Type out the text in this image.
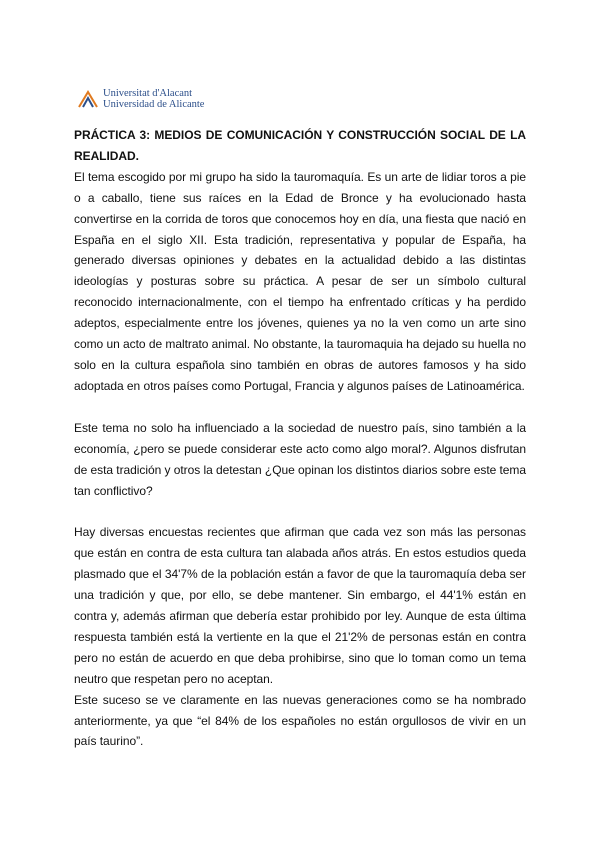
Universitat d'Alacant
Universidad de Alicante

PRÁCTICA 3: MEDIOS DE COMUNICACIÓN Y CONSTRUCCIÓN SOCIAL DE LA REALIDAD.

El tema escogido por mi grupo ha sido la tauromaquía. Es un arte de lidiar toros a pie o a caballo, tiene sus raíces en la Edad de Bronce y ha evolucionado hasta convertirse en la corrida de toros que conocemos hoy en día, una fiesta que nació en España en el siglo XII. Esta tradición, representativa y popular de España, ha generado diversas opiniones y debates en la actualidad debido a las distintas ideologías y posturas sobre su práctica. A pesar de ser un símbolo cultural reconocido internacionalmente, con el tiempo ha enfrentado críticas y ha perdido adeptos, especialmente entre los jóvenes, quienes ya no la ven como un arte sino como un acto de maltrato animal. No obstante, la tauromaquia ha dejado su huella no solo en la cultura española sino también en obras de autores famosos y ha sido adoptada en otros países como Portugal, Francia y algunos países de Latinoamérica.

Este tema no solo ha influenciado a la sociedad de nuestro país, sino también a la economía, ¿pero se puede considerar este acto como algo moral?. Algunos disfrutan de esta tradición y otros la detestan ¿Que opinan los distintos diarios sobre este tema tan conflictivo?

Hay diversas encuestas recientes que afirman que cada vez son más las personas que están en contra de esta cultura tan alabada años atrás. En estos estudios queda plasmado que el 34'7% de la población están a favor de que la tauromaquía deba ser una tradición y que, por ello, se debe mantener. Sin embargo, el 44'1% están en contra y, además afirman que debería estar prohibido por ley. Aunque de esta última respuesta también está la vertiente en la que el 21'2% de personas están en contra pero no están de acuerdo en que deba prohibirse, sino que lo toman como un tema neutro que respetan pero no aceptan.

Este suceso se ve claramente en las nuevas generaciones como se ha nombrado anteriormente, ya que “el 84% de los españoles no están orgullosos de vivir en un país taurino”.
